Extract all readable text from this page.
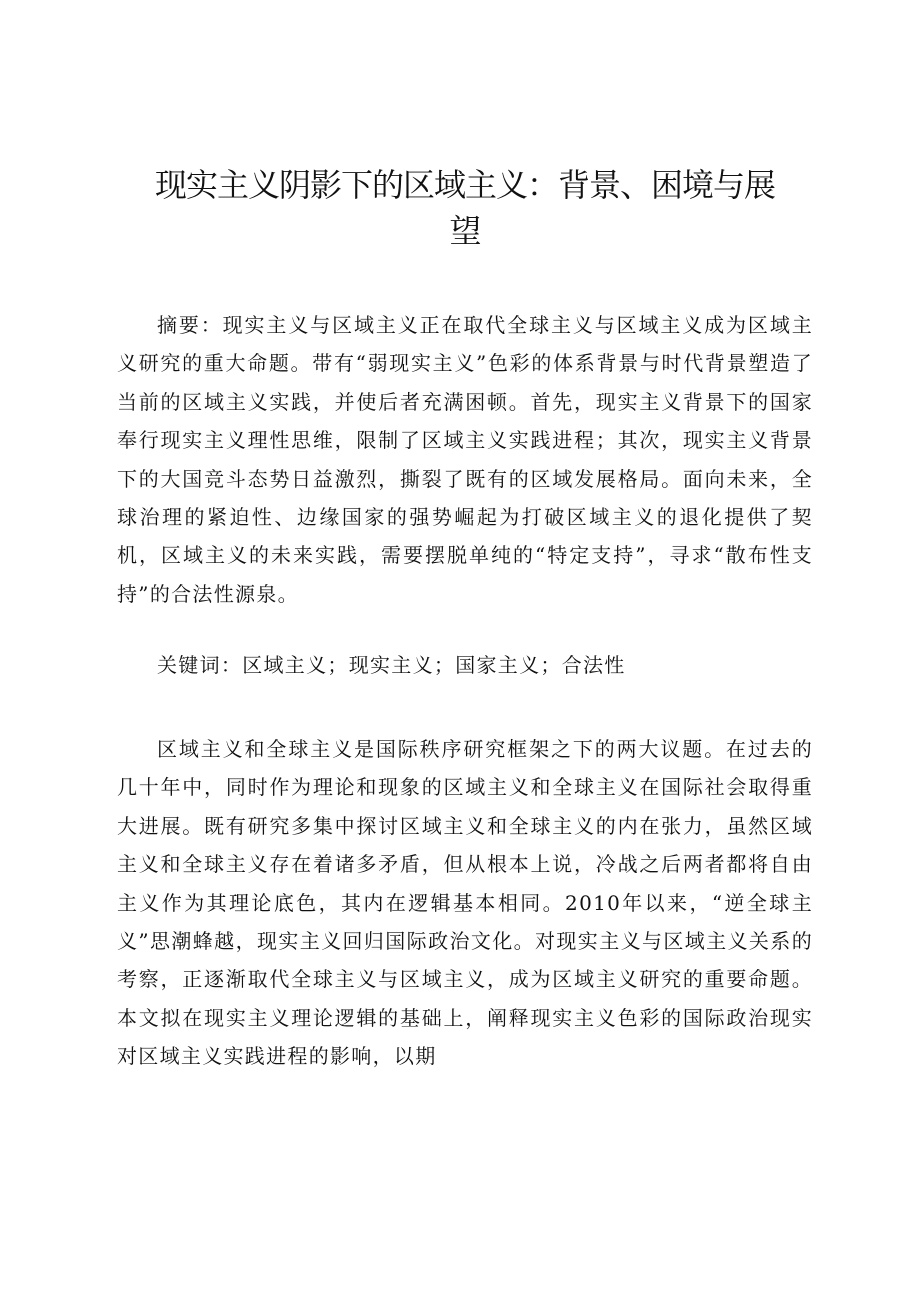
现实主义阴影下的区域主义：背景、困境与展望

摘要：现实主义与区域主义正在取代全球主义与区域主义成为区域主义研究的重大命题。带有“弱现实主义”色彩的体系背景与时代背景塑造了当前的区域主义实践，并使后者充满困顿。首先，现实主义背景下的国家奉行现实主义理性思维，限制了区域主义实践进程；其次，现实主义背景下的大国竞斗态势日益激烈，撕裂了既有的区域发展格局。面向未来，全球治理的紧迫性、边缘国家的强势崛起为打破区域主义的退化提供了契机，区域主义的未来实践，需要摆脱单纯的“特定支持”，寻求“散布性支持”的合法性源泉。

关键词：区域主义；现实主义；国家主义；合法性

区域主义和全球主义是国际秩序研究框架之下的两大议题。在过去的几十年中，同时作为理论和现象的区域主义和全球主义在国际社会取得重大进展。既有研究多集中探讨区域主义和全球主义的内在张力，虽然区域主义和全球主义存在着诸多矛盾，但从根本上说，冷战之后两者都将自由主义作为其理论底色，其内在逻辑基本相同。2010年以来，“逆全球主义”思潮蜂越，现实主义回归国际政治文化。对现实主义与区域主义关系的考察，正逐渐取代全球主义与区域主义，成为区域主义研究的重要命题。本文拟在现实主义理论逻辑的基础上，阐释现实主义色彩的国际政治现实对区域主义实践进程的影响，以期
